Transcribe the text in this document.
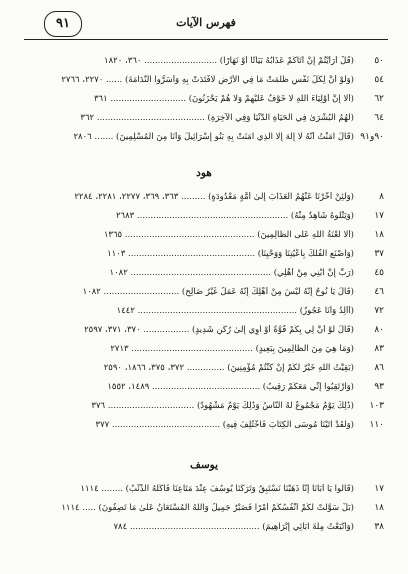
فهرس الآيات
٩١
٥٠
(قُلْ أَرَأَيْتُمْ إِنْ أَتَاكُمْ عَذَابُهُ بَيَاتًا أَوْ نَهَارًا) ........................... ٣٦٠، ١٨٢٠
٥٤
(وَلَوْ أَنَّ لِكُلِّ نَفْسٍ ظَلَمَتْ مَا فِي الْأَرْضِ لَافْتَدَتْ بِهِ وَأَسَرُّوا النَّدَامَةَ) ...... ٢٢٧٠، ٢٧٦٦
٦٢
(أَلَا إِنَّ أَوْلِيَاءَ اللَّهِ لَا خَوْفٌ عَلَيْهِمْ وَلَا هُمْ يَحْزَنُونَ) ............................ ٣٦١
٦٤
(لَهُمُ الْبُشْرَىٰ فِي الْحَيَاةِ الدُّنْيَا وَفِي الْآخِرَةِ) ........................................ ٣٦٢
٩٠و٩١
(قَالَ آمَنْتُ أَنَّهُ لَا إِلَٰهَ إِلَّا الَّذِي آمَنَتْ بِهِ بَنُو إِسْرَائِيلَ وَأَنَا مِنَ الْمُسْلِمِينَ) ....... ٢٨٠٦
هود
٨
(وَلَئِنْ أَخَّرْنَا عَنْهُمُ الْعَذَابَ إِلَىٰ أُمَّةٍ مَعْدُودَةٍ) ......... ٣٦٣، ٣٦٩، ٢٢٧٧، ٢٢٨١، ٢٢٨٤
١٧
(وَيَتْلُوهُ شَاهِدٌ مِنْهُ) ........................................................ ٢٦٨٣
١٨
(أَلَا لَعْنَةُ اللَّهِ عَلَى الظَّالِمِينَ) ................................................ ١٣٦٥
٣٧
(وَاصْنَعِ الْفُلْكَ بِأَعْيُنِنَا وَوَحْيِنَا) ............................................... ١١٠٣
٤٥
(رَبِّ إِنَّ ابْنِي مِنْ أَهْلِي) .................................................... ١٠٨٢
٤٦
(قَالَ يَا نُوحُ إِنَّهُ لَيْسَ مِنْ أَهْلِكَ إِنَّهُ عَمَلٌ غَيْرُ صَالِحٍ) ............................ ١٠٨٢
٧٢
(أَأَلِدُ وَأَنَا عَجُوزٌ) ........................................................... ١٤٤٢
٨٠
(قَالَ لَوْ أَنَّ لِي بِكُمْ قُوَّةً أَوْ آوِي إِلَىٰ رُكْنٍ شَدِيدٍ) ................. ٣٧٠، ٣٧١، ٢٥٩٧
٨٣
(وَمَا هِيَ مِنَ الظَّالِمِينَ بِبَعِيدٍ) ............................................. ٢٧١٣
٨٦
(بَقِيَّتُ اللَّهِ خَيْرٌ لَكُمْ إِنْ كُنْتُمْ مُؤْمِنِينَ) .............. ٣٧٢، ٣٧٥، ١٨٦٦، ٢٥٩٠
٩٣
(وَارْتَقِبُوا إِنِّي مَعَكُمْ رَقِيبٌ) ........................................ ١٤٨٩، ١٥٥٢
١٠٣
(ذَٰلِكَ يَوْمٌ مَجْمُوعٌ لَهُ النَّاسُ وَذَٰلِكَ يَوْمٌ مَشْهُودٌ) ................................ ٣٧٦
١١٠
(وَلَقَدْ آتَيْنَا مُوسَى الْكِتَابَ فَاخْتُلِفَ فِيهِ) ........................................ ٣٧٧
يوسف
١٧
(قَالُوا يَا أَبَانَا إِنَّا ذَهَبْنَا نَسْتَبِقُ وَتَرَكْنَا يُوسُفَ عِنْدَ مَتَاعِنَا فَأَكَلَهُ الذِّئْبُ) ........ ١١١٤
١٨
(بَلْ سَوَّلَتْ لَكُمْ أَنْفُسُكُمْ أَمْرًا فَصَبْرٌ جَمِيلٌ وَاللَّهُ الْمُسْتَعَانُ عَلَىٰ مَا تَصِفُونَ) ..... ١١١٤
٣٨
(وَاتَّبَعْتُ مِلَّةَ آبَائِي إِبْرَاهِيمَ) ................................................ ٧٨٤
